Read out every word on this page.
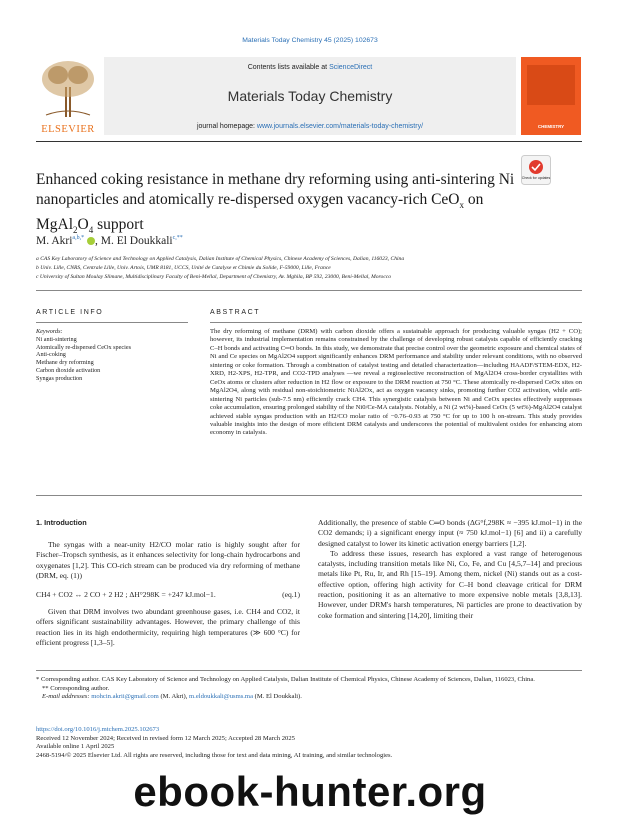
Materials Today Chemistry 45 (2025) 102673
Contents lists available at ScienceDirect
Materials Today Chemistry
journal homepage: www.journals.elsevier.com/materials-today-chemistry/
ELSEVIER	CHEMISTRY
Enhanced coking resistance in methane dry reforming using anti-sintering Ni nanoparticles and atomically re-dispersed oxygen vacancy-rich CeO$_x$ on $MgAl_2O_4$ support
Check for updates
M. Akri$^{a,b,*}$ , M. El Doukkali$^{c,**}$
a CAS Key Laboratory of Science and Technology on Applied Catalysis, Dalian Institute of Chemical Physics, Chinese Academy of Sciences, Dalian, 116023, China
b Univ. Lille, CNRS, Centrale Lille, Univ. Artois, UMR 8181, UCCS, Unité de Catalyse et Chimie du Solide, F-59000, Lille, France
c University of Sultan Moulay Slimane, Multidisciplinary Faculty of Beni-Mellal, Department of Chemistry, Av. Mghila, BP 592, 23000, Beni-Mellal, Morocco
ARTICLE INFO	ABSTRACT
Keywords:
Ni anti-sintering
Atomically re-dispersed CeOx species
Anti-coking
Methane dry reforming
Carbon dioxide activation
Syngas production
The dry reforming of methane (DRM) with carbon dioxide offers a sustainable approach for producing valuable syngas (H2 + CO); however, its industrial implementation remains constrained by the challenge of developing robust catalysts capable of efficiently cracking C–H bonds and activating C═O bonds. In this study, we demonstrate that precise control over the geometric exposure and chemical states of Ni and Ce species on MgAl2O4 support significantly enhances DRM performance and stability under relevant conditions, with no observed sintering or coke formation. Through a combination of catalyst testing and detailed characterization—including HAADF/STEM-EDX, H2-XRD, H2-XPS, H2-TPR, and CO2-TPD analyses —we reveal a regioselective reconstruction of MgAl2O4 cross-border crystallites with CeOx atoms or clusters after reduction in H2 flow or exposure to the DRM reaction at 750 °C. These atomically re-dispersed CeOx sites on MgAl2O4, along with residual non-stoichiometric NiAl2Ox, act as oxygen vacancy sinks, promoting further CO2 activation, while anti-sintering Ni particles (sub-7.5 nm) efficiently crack CH4. This synergistic catalysis between Ni and CeOx species effectively suppresses coke accumulation, ensuring prolonged stability of the Ni0/Ce-MA catalysts. Notably, a Ni (2 wt%)-based CeOx (5 wt%)-MgAl2O4 catalyst achieved stable syngas production with an H2/CO molar ratio of −0.76–0.93 at 750 °C for up to 100 h on-stream. This study provides valuable insights into the design of more efficient DRM catalysts and underscores the potential of multivalent oxides for enhancing atom economy in catalysis.
1. Introduction

The syngas with a near-unity H2/CO molar ratio is highly sought after for Fischer–Tropsch synthesis, as it enhances selectivity for long-chain hydrocarbons and oxygenates [1,2]. This CO-rich stream can be produced via dry reforming of methane (DRM, eq. (1))

CH4 + CO2 ↔ 2 CO + 2 H2 ; ΔH°298K = +247 kJ.mol−1.	(eq.1)

Given that DRM involves two abundant greenhouse gases, i.e. CH4 and CO2, it offers significant sustainability advantages. However, the primary challenge of this reaction lies in its high endothermicity, requiring high temperatures (≫ 600 °C) for efficient progress [1,3–5].

Additionally, the presence of stable C═O bonds (ΔG°f,298K ≈ −395 kJ.mol−1) in the CO2 demands; i) a significant energy input (≈ 750 kJ.mol−1) [6] and ii) a carefully designed catalyst to lower its kinetic activation energy barriers [1,2].

To address these issues, research has explored a vast range of heterogenous catalysts, including transition metals like Ni, Co, Fe, and Cu [4,5,7–14] and precious metals like Pt, Ru, Ir, and Rh [15–19]. Among them, nickel (Ni) stands out as a cost-effective option, offering high activity for C–H bond cleavage critical for DRM reaction, positioning it as an alternative to more expensive noble metals [3,8,13]. However, under DRM's harsh temperatures, Ni particles are prone to deactivation by coke formation and sintering [14,20], limiting their

* Corresponding author. CAS Key Laboratory of Science and Technology on Applied Catalysis, Dalian Institute of Chemical Physics, Chinese Academy of Sciences, Dalian, 116023, China.
** Corresponding author.
E-mail addresses: mohcin.akrii@gmail.com (M. Akri), m.eldoukkali@usms.ma (M. El Doukkali).
https://doi.org/10.1016/j.mtchem.2025.102673
Received 12 November 2024; Received in revised form 12 March 2025; Accepted 28 March 2025
Available online 1 April 2025
2468-5194/© 2025 Elsevier Ltd. All rights are reserved, including those for text and data mining, AI training, and similar technologies.
ebook-hunter.org
